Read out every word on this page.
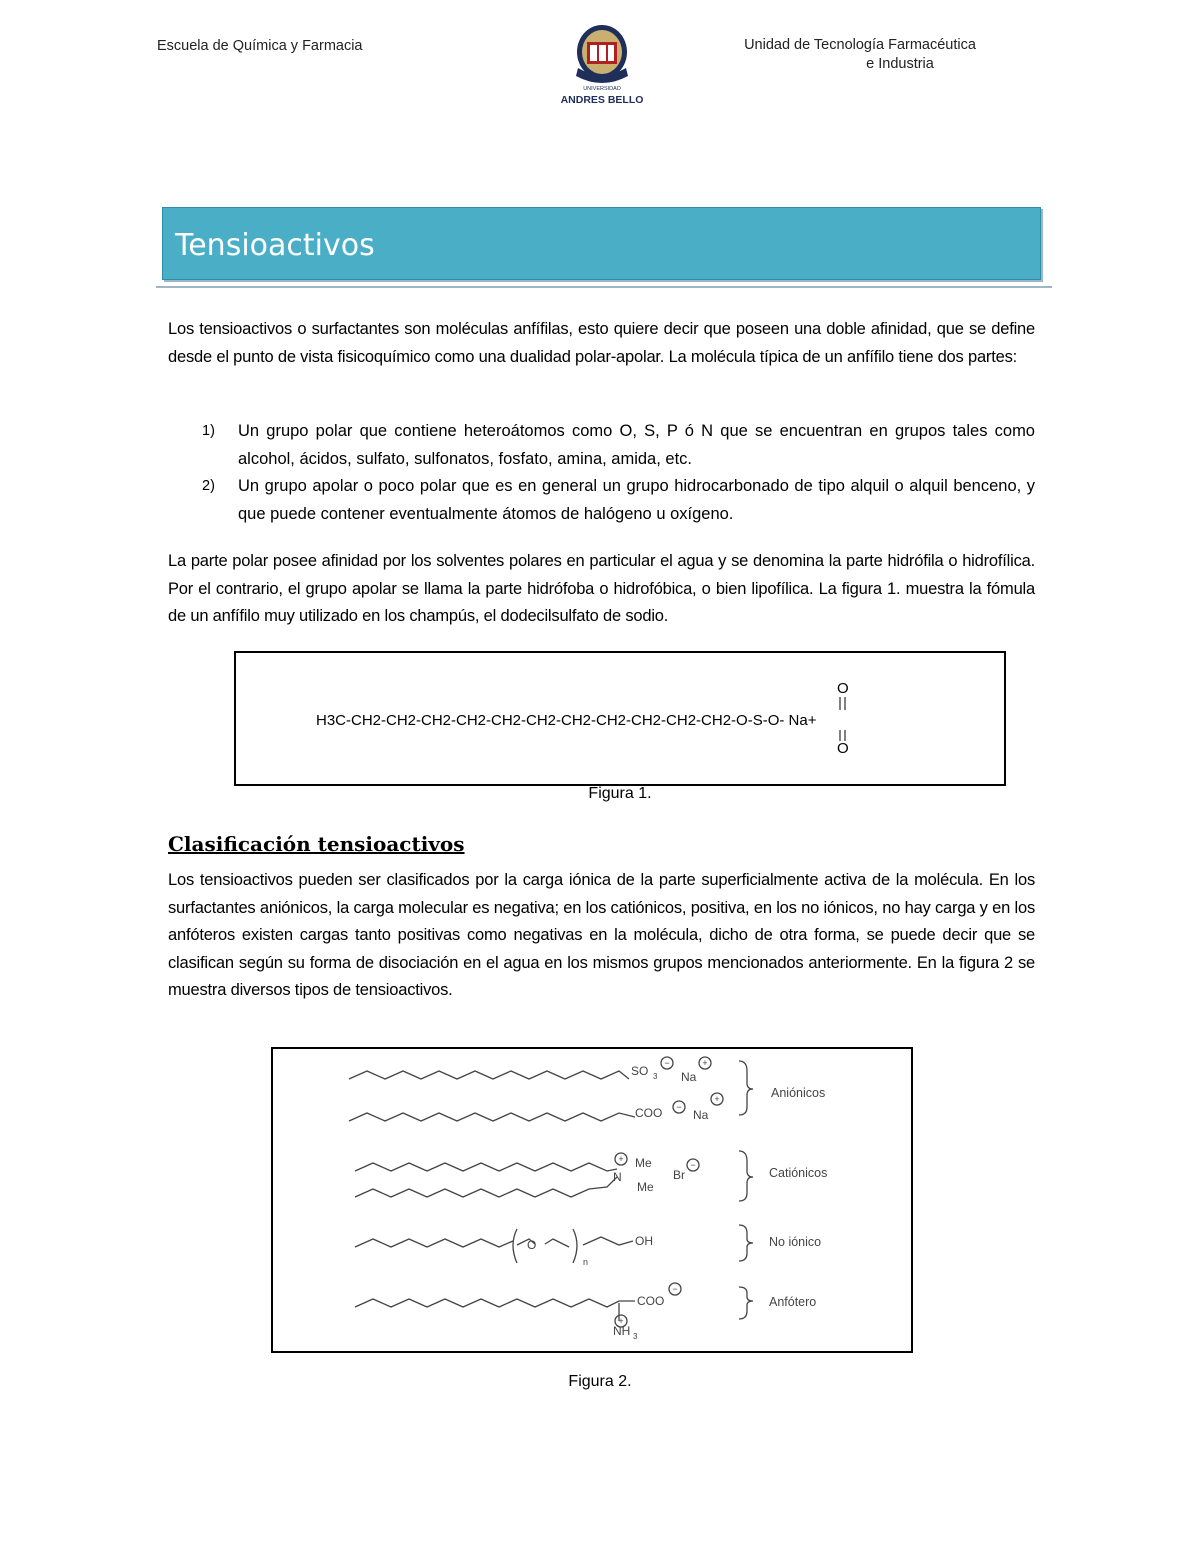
Escuela de Química y Farmacia
UNIVERSIDAD
ANDRES BELLO
Unidad de Tecnología Farmacéutica
e Industria
Tensioactivos
Los tensioactivos o surfactantes son moléculas anfífilas, esto quiere decir que poseen una doble afinidad, que se define desde el punto de vista fisicoquímico como una dualidad polar-apolar. La molécula típica de un anfífilo tiene dos partes:
1) Un grupo polar que contiene heteroátomos como O, S, P ó N que se encuentran en grupos tales como alcohol, ácidos, sulfato, sulfonatos, fosfato, amina, amida, etc.
2) Un grupo apolar o poco polar que es en general un grupo hidrocarbonado de tipo alquil o alquil benceno, y que puede contener eventualmente átomos de halógeno u oxígeno.
La parte polar posee afinidad por los solventes polares en particular el agua y se denomina la parte hidrófila o hidrofílica. Por el contrario, el grupo apolar se llama la parte hidrófoba o hidrofóbica, o bien lipofílica. La figura 1. muestra la fómula de un anfífilo muy utilizado en los champús, el dodecilsulfato de sodio.
H3C-CH2-CH2-CH2-CH2-CH2-CH2-CH2-CH2-CH2-CH2-CH2-O-S-O- Na+
O
O
Figura 1.
Clasificación tensioactivos
Los tensioactivos pueden ser clasificados por la carga iónica de la parte superficialmente activa de la molécula. En los surfactantes aniónicos, la carga molecular es negativa; en los catiónicos, positiva, en los no iónicos, no hay carga y en los anfóteros existen cargas tanto positivas como negativas en la molécula, dicho de otra forma, se puede decir que se clasifican según su forma de disociación en el agua en los mismos grupos mencionados anteriormente. En la figura 2 se muestra diversos tipos de tensioactivos.
−	+
−
+
+
−
−
+
SO 3 Na
COO	Na
Me
N
Me
Br
O
n
OH
COO
NH 3
Aniónicos
Catiónicos
No iónico
Anfótero
Figura 2.
